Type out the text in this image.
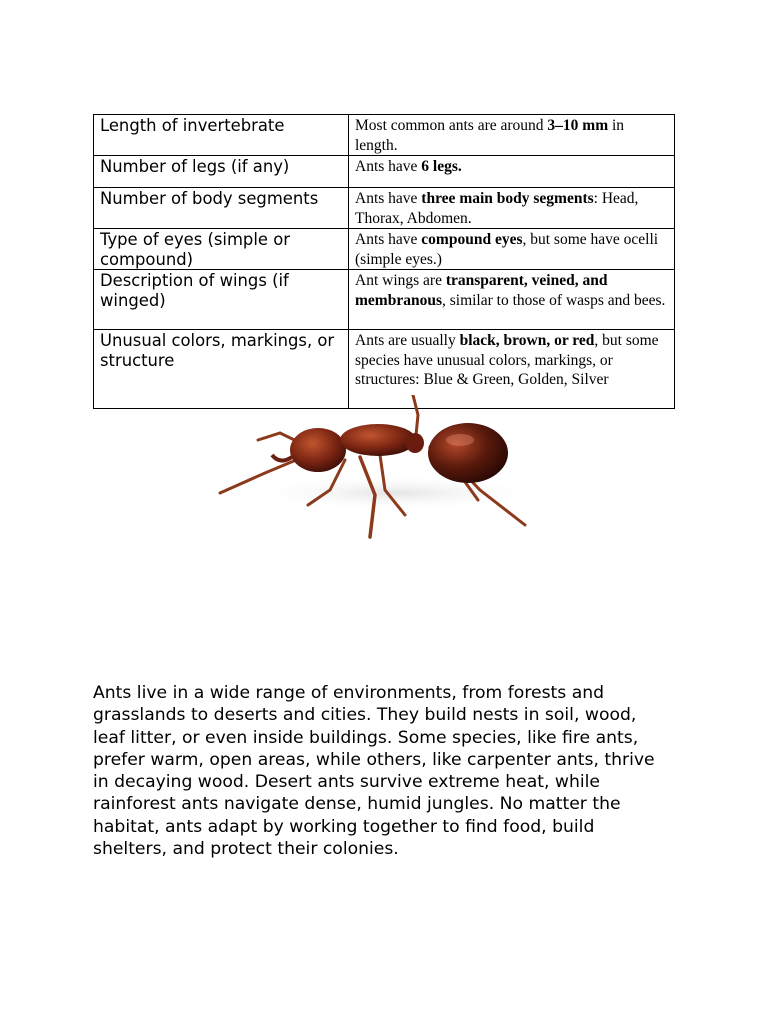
Length of invertebrate	Most common ants are around 3–10 mm in length.
Number of legs (if any)	Ants have 6 legs.
Number of body segments	Ants have three main body segments: Head, Thorax, Abdomen.
Type of eyes (simple or compound)	Ants have compound eyes, but some have ocelli (simple eyes.)
Description of wings (if winged)	Ant wings are transparent, veined, and membranous, similar to those of wasps and bees.
Unusual colors, markings, or structure	Ants are usually black, brown, or red, but some species have unusual colors, markings, or structures: Blue & Green, Golden, Silver

Ants live in a wide range of environments, from forests and grasslands to deserts and cities. They build nests in soil, wood, leaf litter, or even inside buildings. Some species, like fire ants, prefer warm, open areas, while others, like carpenter ants, thrive in decaying wood. Desert ants survive extreme heat, while rainforest ants navigate dense, humid jungles. No matter the habitat, ants adapt by working together to find food, build shelters, and protect their colonies.
